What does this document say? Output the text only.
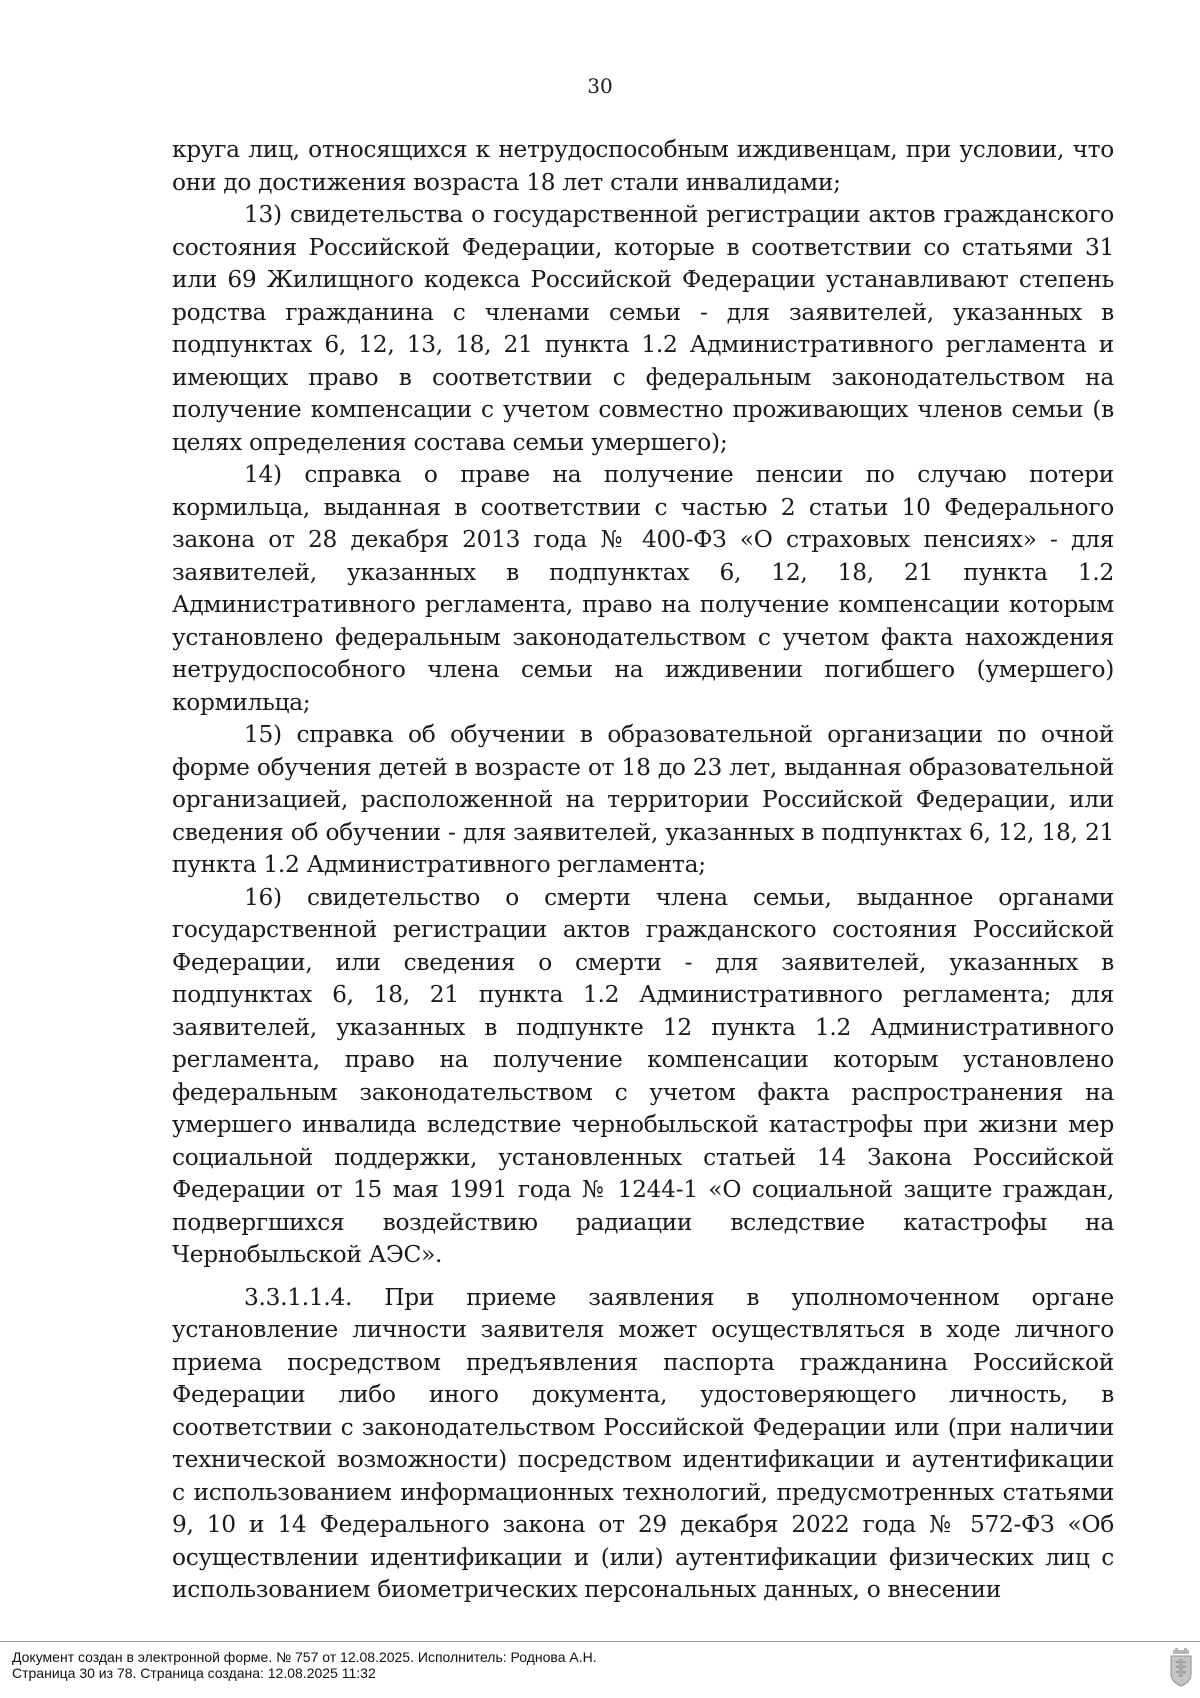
30

круга лиц, относящихся к нетрудоспособным иждивенцам, при условии, что они до достижения возраста 18 лет стали инвалидами;

13) свидетельства о государственной регистрации актов гражданского состояния Российской Федерации, которые в соответствии со статьями 31 или 69 Жилищного кодекса Российской Федерации устанавливают степень родства гражданина с членами семьи - для заявителей, указанных в подпунктах 6, 12, 13, 18, 21 пункта 1.2 Административного регламента и имеющих право в соответствии с федеральным законодательством на получение компенсации с учетом совместно проживающих членов семьи (в целях определения состава семьи умершего);

14) справка о праве на получение пенсии по случаю потери кормильца, выданная в соответствии с частью 2 статьи 10 Федерального закона от 28 декабря 2013 года № 400-ФЗ «О страховых пенсиях» - для заявителей, указанных в подпунктах 6, 12, 18, 21 пункта 1.2 Административного регламента, право на получение компенсации которым установлено федеральным законодательством с учетом факта нахождения нетрудоспособного члена семьи на иждивении погибшего (умершего) кормильца;

15) справка об обучении в образовательной организации по очной форме обучения детей в возрасте от 18 до 23 лет, выданная образовательной организацией, расположенной на территории Российской Федерации, или сведения об обучении - для заявителей, указанных в подпунктах 6, 12, 18, 21 пункта 1.2 Административного регламента;

16) свидетельство о смерти члена семьи, выданное органами государственной регистрации актов гражданского состояния Российской Федерации, или сведения о смерти - для заявителей, указанных в подпунктах 6, 18, 21 пункта 1.2 Административного регламента; для заявителей, указанных в подпункте 12 пункта 1.2 Административного регламента, право на получение компенсации которым установлено федеральным законодательством с учетом факта распространения на умершего инвалида вследствие чернобыльской катастрофы при жизни мер социальной поддержки, установленных статьей 14 Закона Российской Федерации от 15 мая 1991 года № 1244-1 «О социальной защите граждан, подвергшихся воздействию радиации вследствие катастрофы на Чернобыльской АЭС».

3.3.1.1.4. При приеме заявления в уполномоченном органе установление личности заявителя может осуществляться в ходе личного приема посредством предъявления паспорта гражданина Российской Федерации либо иного документа, удостоверяющего личность, в соответствии с законодательством Российской Федерации или (при наличии технической возможности) посредством идентификации и аутентификации с использованием информационных технологий, предусмотренных статьями 9, 10 и 14 Федерального закона от 29 декабря 2022 года № 572-ФЗ «Об осуществлении идентификации и (или) аутентификации физических лиц с использованием биометрических персональных данных, о внесении

Документ создан в электронной форме. № 757 от 12.08.2025. Исполнитель: Роднова А.Н.
Страница 30 из 78. Страница создана: 12.08.2025 11:32
